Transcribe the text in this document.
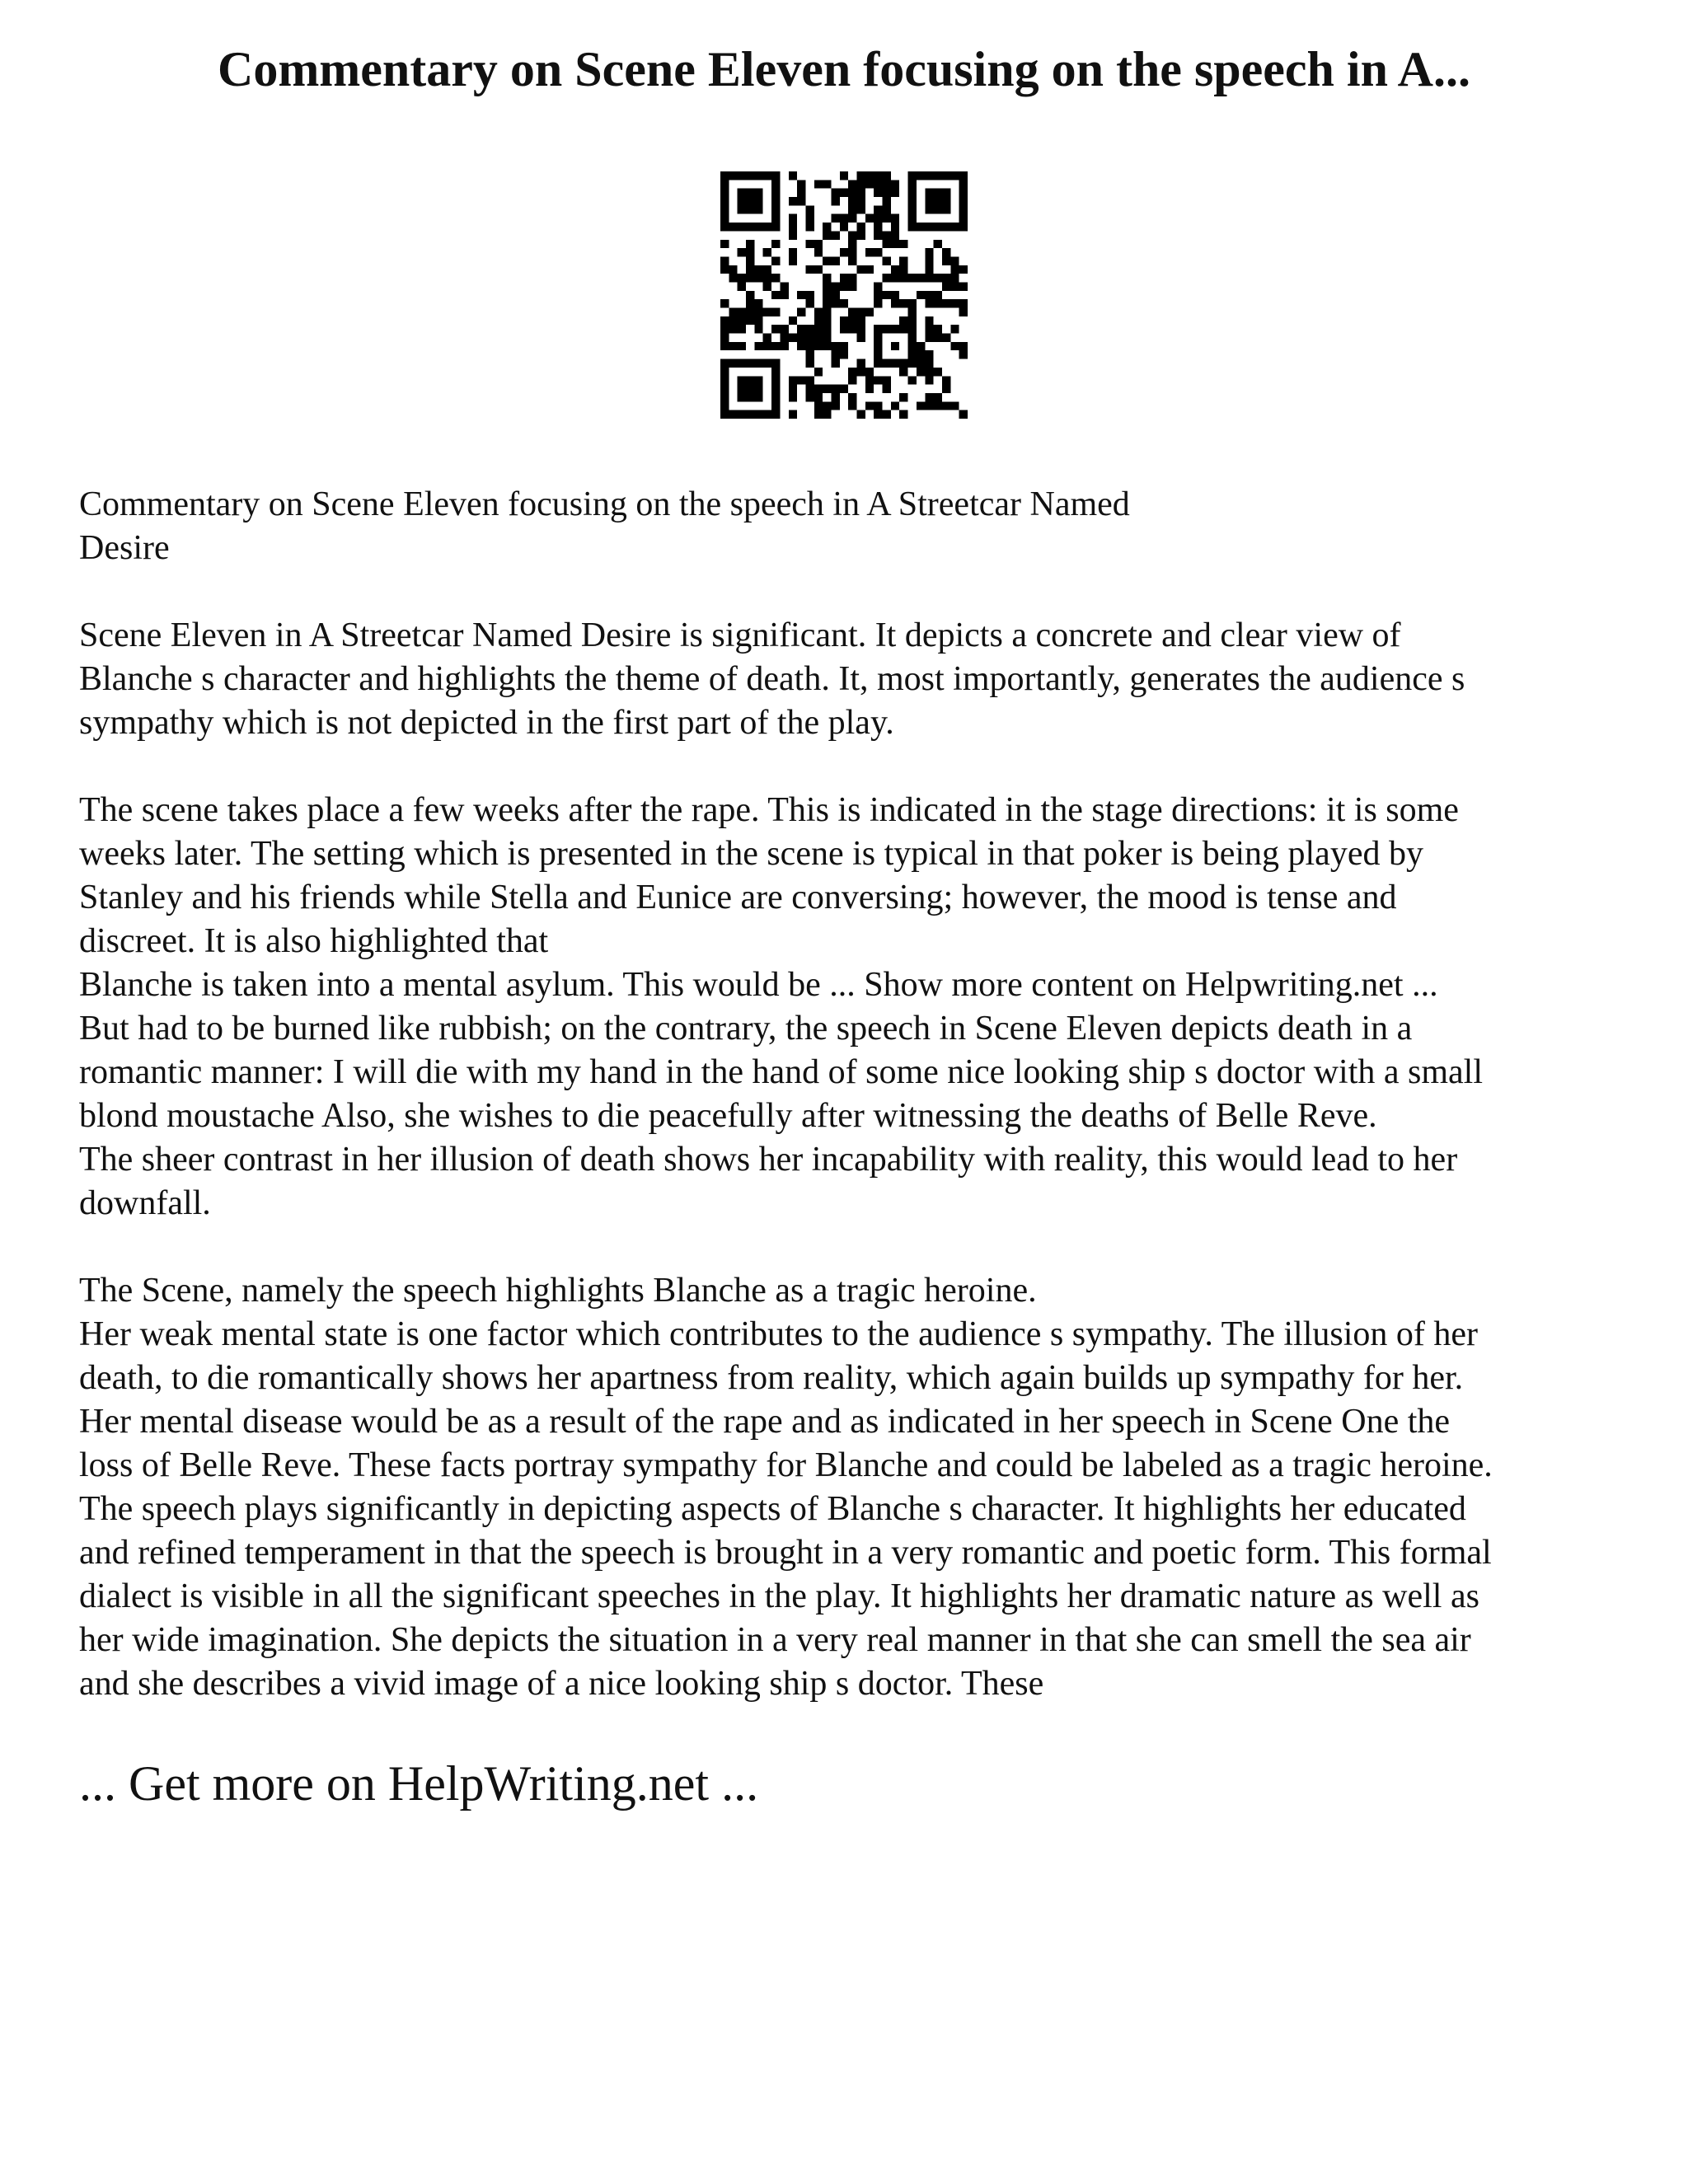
Commentary on Scene Eleven focusing on the speech in A...
Commentary on Scene Eleven focusing on the speech in A Streetcar Named
Desire
Scene Eleven in A Streetcar Named Desire is significant. It depicts a concrete and clear view of
Blanche s character and highlights the theme of death. It, most importantly, generates the audience s
sympathy which is not depicted in the first part of the play.
The scene takes place a few weeks after the rape. This is indicated in the stage directions: it is some
weeks later. The setting which is presented in the scene is typical in that poker is being played by
Stanley and his friends while Stella and Eunice are conversing; however, the mood is tense and
discreet. It is also highlighted that
Blanche is taken into a mental asylum. This would be ... Show more content on Helpwriting.net ...
But had to be burned like rubbish; on the contrary, the speech in Scene Eleven depicts death in a
romantic manner: I will die with my hand in the hand of some nice looking ship s doctor with a small
blond moustache Also, she wishes to die peacefully after witnessing the deaths of Belle Reve.
The sheer contrast in her illusion of death shows her incapability with reality, this would lead to her
downfall.
The Scene, namely the speech highlights Blanche as a tragic heroine.
Her weak mental state is one factor which contributes to the audience s sympathy. The illusion of her
death, to die romantically shows her apartness from reality, which again builds up sympathy for her.
Her mental disease would be as a result of the rape and as indicated in her speech in Scene One the
loss of Belle Reve. These facts portray sympathy for Blanche and could be labeled as a tragic heroine.
The speech plays significantly in depicting aspects of Blanche s character. It highlights her educated
and refined temperament in that the speech is brought in a very romantic and poetic form. This formal
dialect is visible in all the significant speeches in the play. It highlights her dramatic nature as well as
her wide imagination. She depicts the situation in a very real manner in that she can smell the sea air
and she describes a vivid image of a nice looking ship s doctor. These
... Get more on HelpWriting.net ...
